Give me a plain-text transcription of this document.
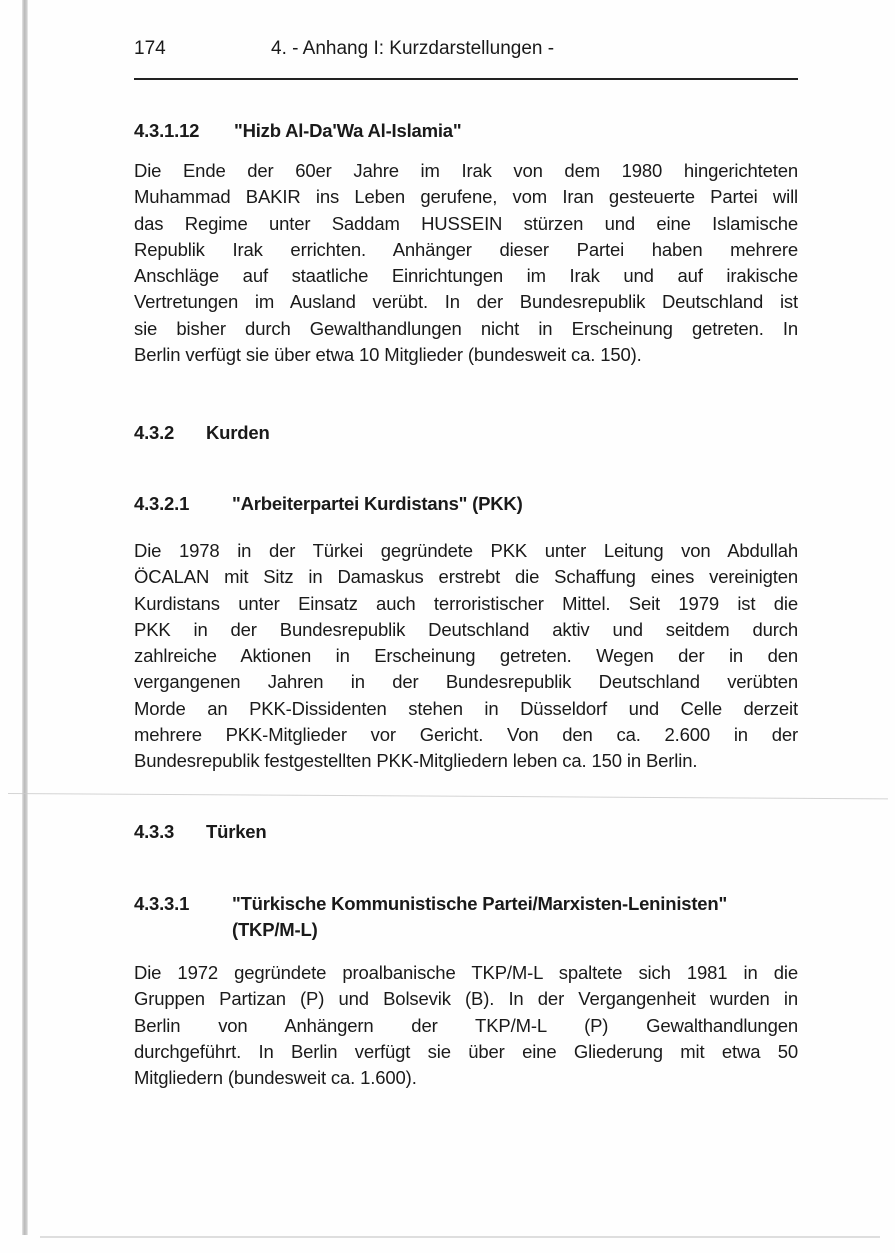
174	4. - Anhang I: Kurzdarstellungen -
4.3.1.12 "Hizb Al-Da'Wa Al-Islamia"
Die Ende der 60er Jahre im Irak von dem 1980 hingerichteten
Muhammad BAKIR ins Leben gerufene, vom Iran gesteuerte Partei will
das Regime unter Saddam HUSSEIN stürzen und eine Islamische
Republik Irak errichten. Anhänger dieser Partei haben mehrere
Anschläge auf staatliche Einrichtungen im Irak und auf irakische
Vertretungen im Ausland verübt. In der Bundesrepublik Deutschland ist
sie bisher durch Gewalthandlungen nicht in Erscheinung getreten. In
Berlin verfügt sie über etwa 10 Mitglieder (bundesweit ca. 150).
4.3.2 Kurden
4.3.2.1 "Arbeiterpartei Kurdistans" (PKK)
Die 1978 in der Türkei gegründete PKK unter Leitung von Abdullah
ÖCALAN mit Sitz in Damaskus erstrebt die Schaffung eines vereinigten
Kurdistans unter Einsatz auch terroristischer Mittel. Seit 1979 ist die
PKK in der Bundesrepublik Deutschland aktiv und seitdem durch
zahlreiche Aktionen in Erscheinung getreten. Wegen der in den
vergangenen Jahren in der Bundesrepublik Deutschland verübten
Morde an PKK-Dissidenten stehen in Düsseldorf und Celle derzeit
mehrere PKK-Mitglieder vor Gericht. Von den ca. 2.600 in der
Bundesrepublik festgestellten PKK-Mitgliedern leben ca. 150 in Berlin.
4.3.3 Türken
4.3.3.1 "Türkische Kommunistische Partei/Marxisten-Leninisten"
(TKP/M-L)
Die 1972 gegründete proalbanische TKP/M-L spaltete sich 1981 in die
Gruppen Partizan (P) und Bolsevik (B). In der Vergangenheit wurden in
Berlin von Anhängern der TKP/M-L (P) Gewalthandlungen
durchgeführt. In Berlin verfügt sie über eine Gliederung mit etwa 50
Mitgliedern (bundesweit ca. 1.600).
